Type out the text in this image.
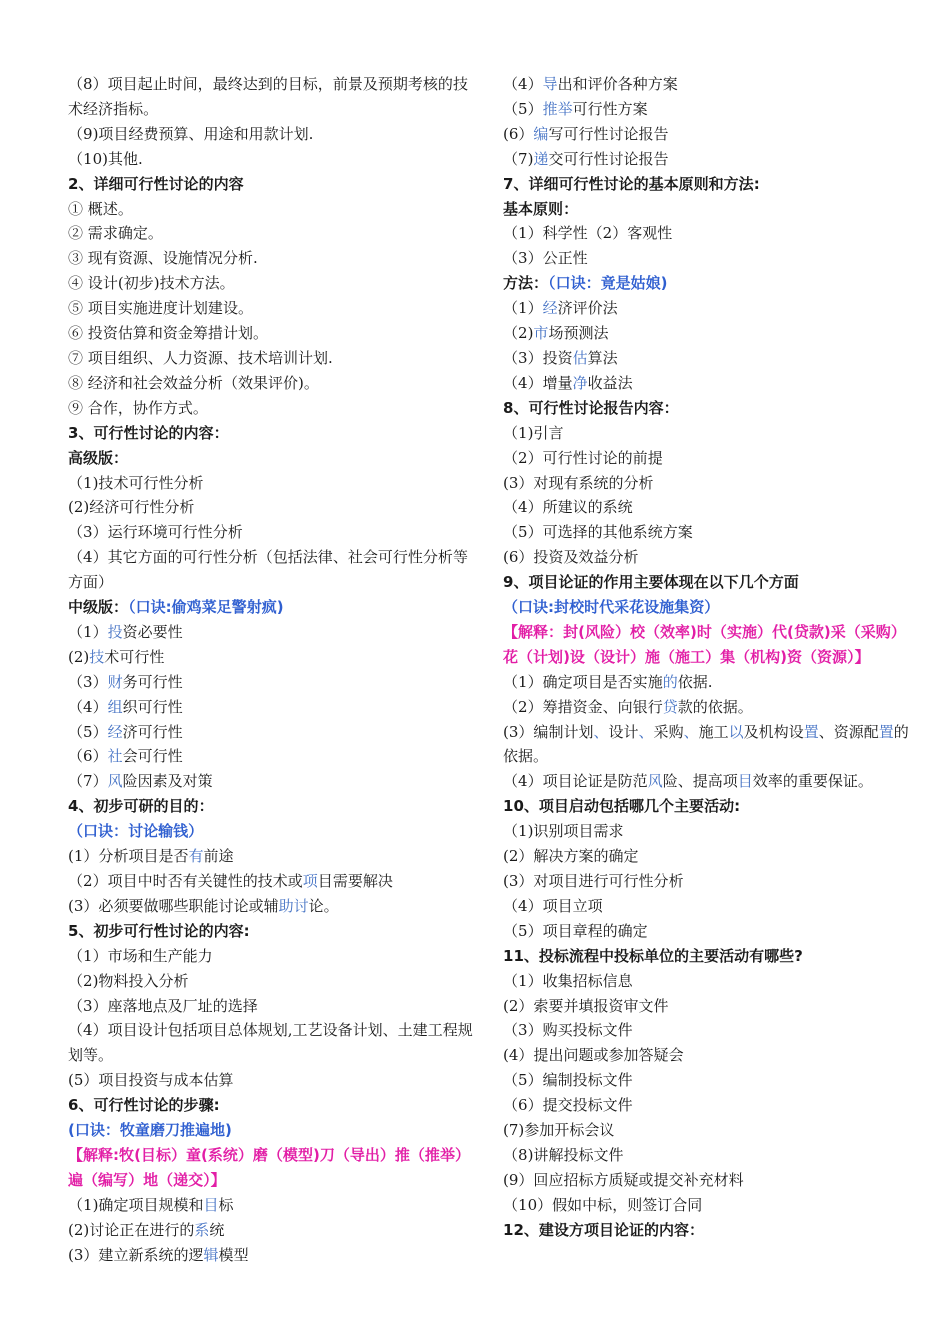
（8）项目起止时间，最终达到的目标，前景及预期考核的技术经济指标。
（9)项目经费预算、用途和用款计划.
（10)其他.
2、详细可行性讨论的内容
① 概述。
② 需求确定。
③ 现有资源、设施情况分析.
④ 设计(初步)技术方法。
⑤ 项目实施进度计划建设。
⑥ 投资估算和资金筹措计划。
⑦ 项目组织、人力资源、技术培训计划.
⑧ 经济和社会效益分析（效果评价)。
⑨ 合作，协作方式。
3、可行性讨论的内容：
高级版：
（1)技术可行性分析
(2)经济可行性分析
（3）运行环境可行性分析
（4）其它方面的可行性分析（包括法律、社会可行性分析等方面）
中级版：（口诀:偷鸡菜足警射疯)
（1）投资必要性
(2)技术可行性
（3）财务可行性
（4）组织可行性
（5）经济可行性
（6）社会可行性
（7）风险因素及对策
4、初步可研的目的：
（口诀：讨论输钱）
(1）分析项目是否有前途
（2）项目中时否有关键性的技术或项目需要解决
(3）必须要做哪些职能讨论或辅助讨论。
5、初步可行性讨论的内容:
（1）市场和生产能力
（2)物料投入分析
（3）座落地点及厂址的选择
（4）项目设计包括项目总体规划,工艺设备计划、土建工程规划等。
(5）项目投资与成本估算
6、可行性讨论的步骤:
(口诀：牧童磨刀推遍地)
【解释:牧(目标）童(系统）磨（模型)刀（导出）推（推举）遍（编写）地（递交）】
（1)确定项目规模和目标
(2)讨论正在进行的系统
(3）建立新系统的逻辑模型
（4）导出和评价各种方案
（5）推举可行性方案
(6）编写可行性讨论报告
（7)递交可行性讨论报告
7、详细可行性讨论的基本原则和方法:
基本原则：
（1）科学性（2）客观性
（3）公正性
方法：（口诀：竟是姑娘)
（1）经济评价法
（2)市场预测法
（3）投资估算法
（4）增量净收益法
8、可行性讨论报告内容：
（1)引言
（2）可行性讨论的前提
(3）对现有系统的分析
（4）所建议的系统
（5）可选择的其他系统方案
(6）投资及效益分析
9、项目论证的作用主要体现在以下几个方面
（口诀:封校时代采花设施集资）
【解释：封(风险）校（效率)时（实施）代(贷款)采（采购）花（计划)设（设计）施（施工）集（机构)资（资源）】
（1）确定项目是否实施的依据.
（2）筹措资金、向银行贷款的依据。
(3）编制计划、设计、采购、施工以及机构设置、资源配置的依据。
（4）项目论证是防范风险、提高项目效率的重要保证。
10、项目启动包括哪几个主要活动:
（1)识别项目需求
(2）解决方案的确定
(3）对项目进行可行性分析
（4）项目立项
（5）项目章程的确定
11、投标流程中投标单位的主要活动有哪些?
（1）收集招标信息
(2）索要并填报资审文件
（3）购买投标文件
(4）提出问题或参加答疑会
（5）编制投标文件
（6）提交投标文件
(7)参加开标会议
（8)讲解投标文件
(9）回应招标方质疑或提交补充材料
（10）假如中标，则签订合同
12、建设方项目论证的内容：
